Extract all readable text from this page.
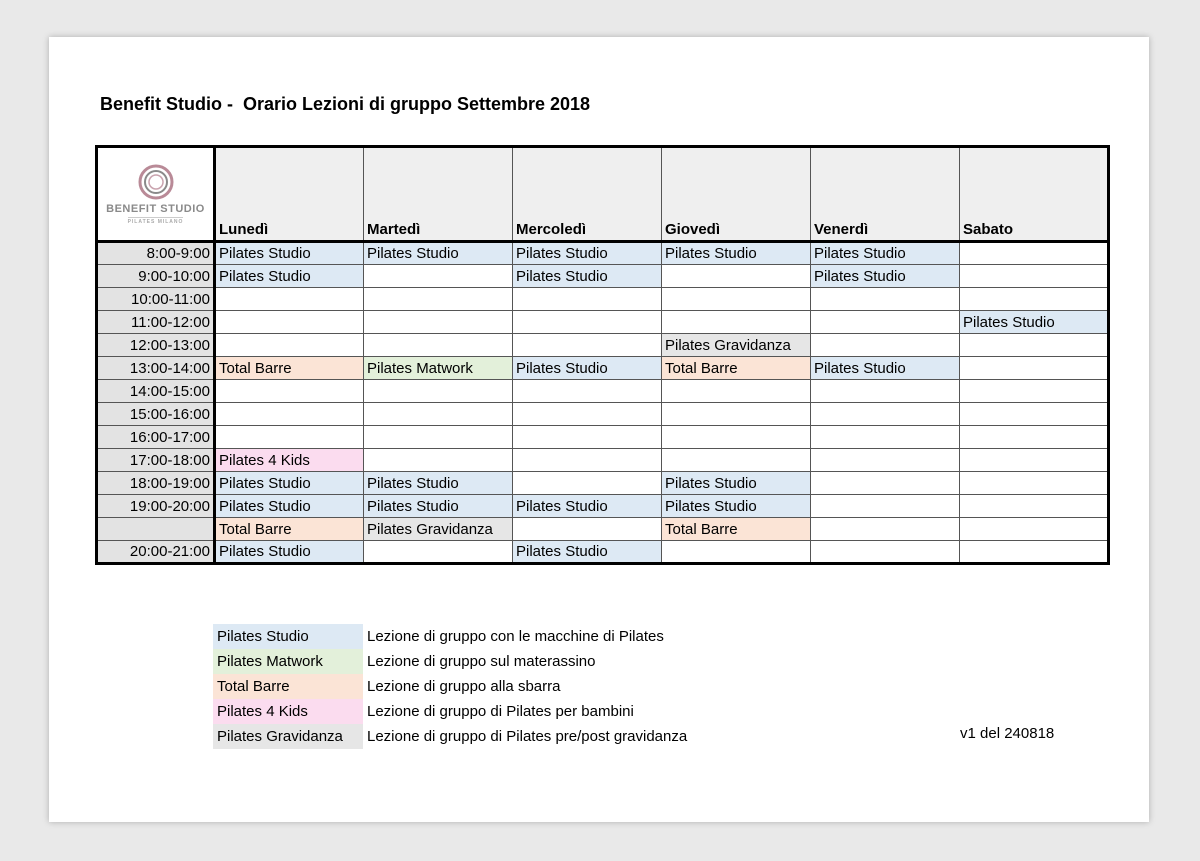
Benefit Studio -  Orario Lezioni di gruppo Settembre 2018
BENEFIT STUDIO
PILATES MILANO	Lunedì	Martedì	Mercoledì	Giovedì	Venerdì	Sabato
8:00-9:00	Pilates Studio	Pilates Studio	Pilates Studio	Pilates Studio	Pilates Studio	
9:00-10:00	Pilates Studio		Pilates Studio		Pilates Studio	
10:00-11:00						
11:00-12:00						Pilates Studio
12:00-13:00				Pilates Gravidanza		
13:00-14:00	Total Barre	Pilates Matwork	Pilates Studio	Total Barre	Pilates Studio	
14:00-15:00						
15:00-16:00						
16:00-17:00						
17:00-18:00	Pilates 4 Kids					
18:00-19:00	Pilates Studio	Pilates Studio		Pilates Studio		
19:00-20:00	Pilates Studio	Pilates Studio	Pilates Studio	Pilates Studio		
	Total Barre	Pilates Gravidanza		Total Barre		
20:00-21:00	Pilates Studio		Pilates Studio			
Pilates Studio	Lezione di gruppo con le macchine di Pilates
Pilates Matwork	Lezione di gruppo sul materassino
Total Barre	Lezione di gruppo alla sbarra
Pilates 4 Kids	Lezione di gruppo di Pilates per bambini
Pilates Gravidanza	Lezione di gruppo di Pilates pre/post gravidanza	v1 del 240818
